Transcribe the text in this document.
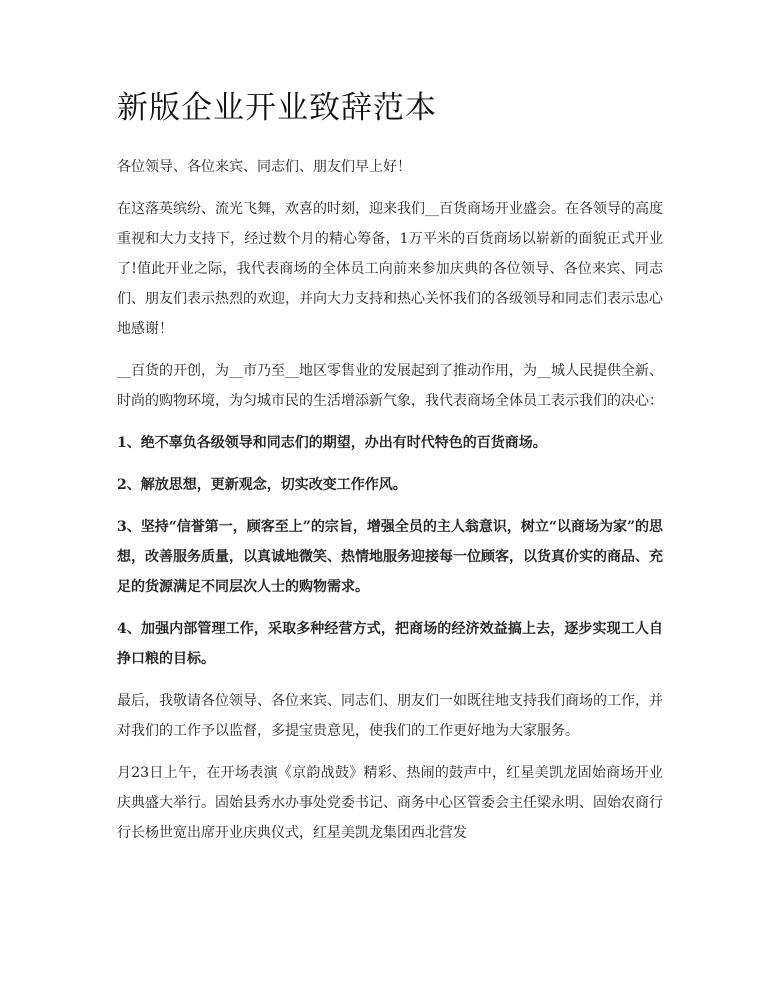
新版企业开业致辞范本

各位领导、各位来宾、同志们、朋友们早上好！

在这落英缤纷、流光飞舞，欢喜的时刻，迎来我们__百货商场开业盛会。在各领导的高度重视和大力支持下，经过数个月的精心筹备，1万平米的百货商场以崭新的面貌正式开业了!值此开业之际，我代表商场的全体员工向前来参加庆典的各位领导、各位来宾、同志们、朋友们表示热烈的欢迎，并向大力支持和热心关怀我们的各级领导和同志们表示忠心地感谢！

__百货的开创，为__市乃至__地区零售业的发展起到了推动作用，为__城人民提供全新、时尚的购物环境，为匀城市民的生活增添新气象，我代表商场全体员工表示我们的决心：

1、绝不辜负各级领导和同志们的期望，办出有时代特色的百货商场。

2、解放思想，更新观念，切实改变工作作风。

3、坚持“信誉第一，顾客至上”的宗旨，增强全员的主人翁意识，树立“以商场为家”的思想，改善服务质量，以真诚地微笑、热情地服务迎接每一位顾客，以货真价实的商品、充足的货源满足不同层次人士的购物需求。

4、加强内部管理工作，采取多种经营方式，把商场的经济效益搞上去，逐步实现工人自挣口粮的目标。

最后，我敬请各位领导、各位来宾、同志们、朋友们一如既往地支持我们商场的工作，并对我们的工作予以监督，多提宝贵意见，使我们的工作更好地为大家服务。

月23日上午，在开场表演《京韵战鼓》精彩、热闹的鼓声中，红星美凯龙固始商场开业庆典盛大举行。固始县秀水办事处党委书记、商务中心区管委会主任梁永明、固始农商行行长杨世宽出席开业庆典仪式，红星美凯龙集团西北营发
